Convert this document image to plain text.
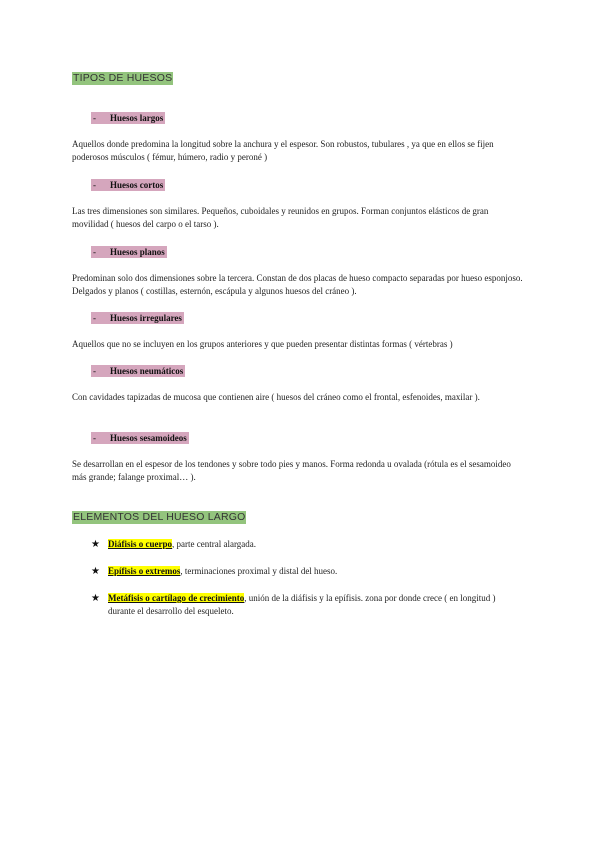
TIPOS DE HUESOS
- Huesos largos
Aquellos donde predomina la longitud sobre la anchura y el espesor. Son robustos, tubulares , ya que en ellos se fijen poderosos músculos ( fémur, húmero, radio y peroné )
- Huesos cortos
Las tres dimensiones son similares. Pequeños, cuboidales y reunidos en grupos. Forman conjuntos elásticos de gran movilidad ( huesos del carpo o el tarso ).
- Huesos planos
Predominan solo dos dimensiones sobre la tercera. Constan de dos placas de hueso compacto separadas por hueso esponjoso. Delgados y planos ( costillas, esternón, escápula y algunos huesos del cráneo ).
- Huesos irregulares
Aquellos que no se incluyen en los grupos anteriores y que pueden presentar distintas formas ( vértebras )
- Huesos neumáticos
Con cavidades tapizadas de mucosa que contienen aire ( huesos del cráneo como el frontal, esfenoides, maxilar ).
- Huesos sesamoideos
Se desarrollan en el espesor de los tendones y sobre todo pies y manos. Forma redonda u ovalada (rótula es el sesamoideo más grande; falange proximal… ).
ELEMENTOS DEL HUESO LARGO
★ Diáfisis o cuerpo, parte central alargada.
★ Epífisis o extremos, terminaciones proximal y distal del hueso.
★ Metáfisis o cartílago de crecimiento, unión de la diáfisis y la epífisis. zona por donde crece ( en longitud ) durante el desarrollo del esqueleto.
